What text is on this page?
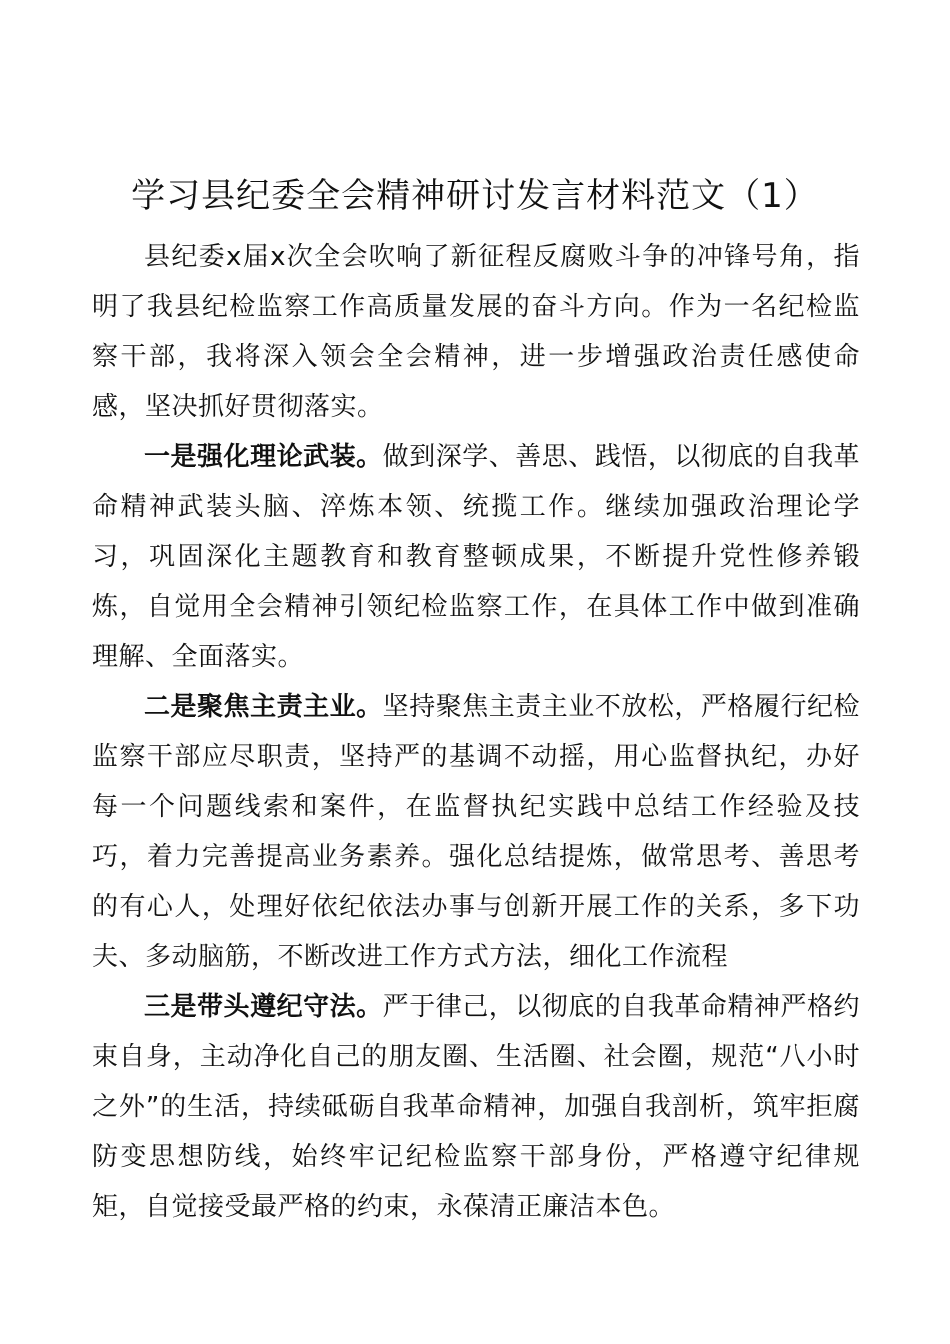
学习县纪委全会精神研讨发言材料范文（1）

县纪委x届x次全会吹响了新征程反腐败斗争的冲锋号角，指明了我县纪检监察工作高质量发展的奋斗方向。作为一名纪检监察干部，我将深入领会全会精神，进一步增强政治责任感使命感，坚决抓好贯彻落实。

一是强化理论武装。做到深学、善思、践悟，以彻底的自我革命精神武装头脑、淬炼本领、统揽工作。继续加强政治理论学习，巩固深化主题教育和教育整顿成果，不断提升党性修养锻炼，自觉用全会精神引领纪检监察工作，在具体工作中做到准确理解、全面落实。

二是聚焦主责主业。坚持聚焦主责主业不放松，严格履行纪检监察干部应尽职责，坚持严的基调不动摇，用心监督执纪，办好每一个问题线索和案件，在监督执纪实践中总结工作经验及技巧，着力完善提高业务素养。强化总结提炼，做常思考、善思考的有心人，处理好依纪依法办事与创新开展工作的关系，多下功夫、多动脑筋，不断改进工作方式方法，细化工作流程

三是带头遵纪守法。严于律己，以彻底的自我革命精神严格约束自身，主动净化自己的朋友圈、生活圈、社会圈，规范“八小时之外”的生活，持续砥砺自我革命精神，加强自我剖析，筑牢拒腐防变思想防线，始终牢记纪检监察干部身份，严格遵守纪律规矩，自觉接受最严格的约束，永葆清正廉洁本色。
